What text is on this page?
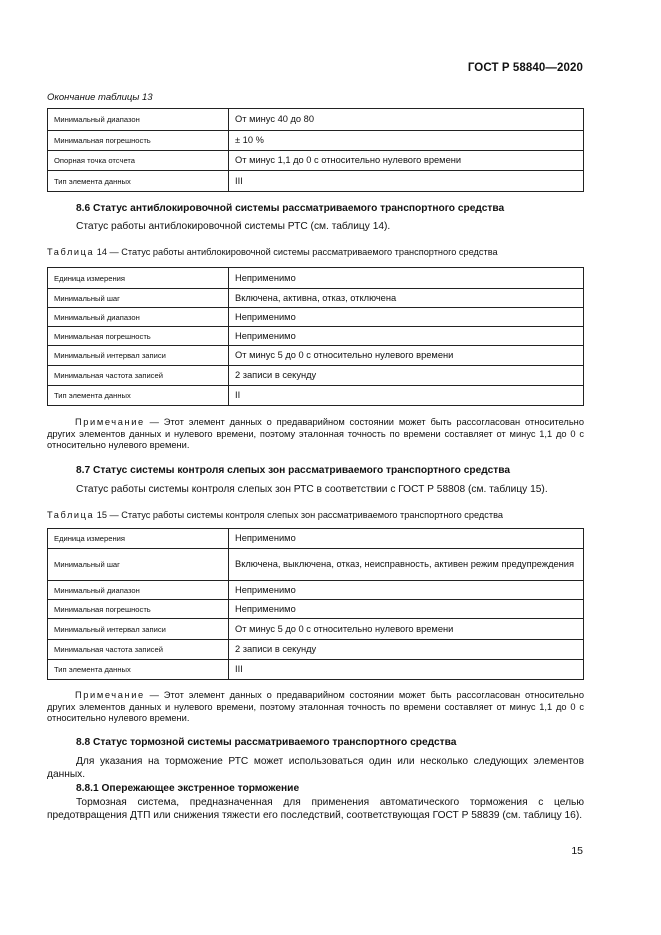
ГОСТ Р 58840—2020
Окончание таблицы 13
Минимальный диапазон	От минус 40 до 80
Минимальная погрешность	± 10 %
Опорная точка отсчета	От минус 1,1 до 0 с относительно нулевого времени
Тип элемента данных	III
8.6 Статус антиблокировочной системы рассматриваемого транспортного средства
Статус работы антиблокировочной системы РТС (см. таблицу 14).
Таблица 14 — Статус работы антиблокировочной системы рассматриваемого транспортного средства
Единица измерения	Неприменимо
Минимальный шаг	Включена, активна, отказ, отключена
Минимальный диапазон	Неприменимо
Минимальная погрешность	Неприменимо
Минимальный интервал записи	От минус 5 до 0 с относительно нулевого времени
Минимальная частота записей	2 записи в секунду
Тип элемента данных	II
Примечание — Этот элемент данных о предаварийном состоянии может быть рассогласован относительно других элементов данных и нулевого времени, поэтому эталонная точность по времени составляет от минус 1,1 до 0 с относительно нулевого времени.
8.7 Статус системы контроля слепых зон рассматриваемого транспортного средства
Статус работы системы контроля слепых зон РТС в соответствии с ГОСТ Р 58808 (см. таблицу 15).
Таблица 15 — Статус работы системы контроля слепых зон рассматриваемого транспортного средства
Единица измерения	Неприменимо
Минимальный шаг	Включена, выключена, отказ, неисправность, активен режим предупреждения
Минимальный диапазон	Неприменимо
Минимальная погрешность	Неприменимо
Минимальный интервал записи	От минус 5 до 0 с относительно нулевого времени
Минимальная частота записей	2 записи в секунду
Тип элемента данных	III
Примечание — Этот элемент данных о предаварийном состоянии может быть рассогласован относительно других элементов данных и нулевого времени, поэтому эталонная точность по времени составляет от минус 1,1 до 0 с относительно нулевого времени.
8.8 Статус тормозной системы рассматриваемого транспортного средства
Для указания на торможение РТС может использоваться один или несколько следующих элементов данных.
8.8.1 Опережающее экстренное торможение
Тормозная система, предназначенная для применения автоматического торможения с целью предотвращения ДТП или снижения тяжести его последствий, соответствующая ГОСТ Р 58839 (см. таблицу 16).
15
